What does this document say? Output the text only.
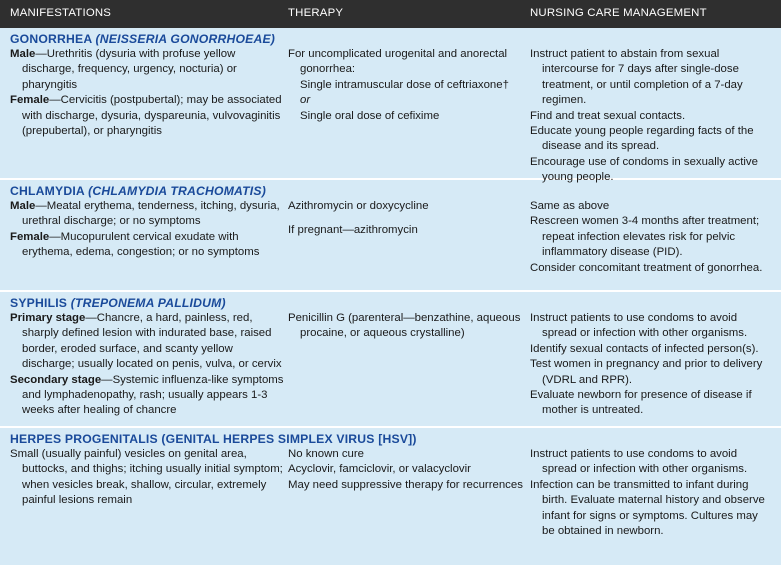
MANIFESTATIONS	THERAPY	NURSING CARE MANAGEMENT
GONORRHEA (NEISSERIA GONORRHOEAE)
Male—Urethritis (dysuria with profuse yellow discharge, frequency, urgency, nocturia) or pharyngitis
Female—Cervicitis (postpubertal); may be associated with discharge, dysuria, dyspareunia, vulvovaginitis (prepubertal), or pharyngitis
For uncomplicated urogenital and anorectal gonorrhea:
Single intramuscular dose of ceftriaxone†
or
Single oral dose of cefixime
Instruct patient to abstain from sexual intercourse for 7 days after single-dose treatment, or until completion of a 7-day regimen.
Find and treat sexual contacts.
Educate young people regarding facts of the disease and its spread.
Encourage use of condoms in sexually active young people.
CHLAMYDIA (CHLAMYDIA TRACHOMATIS)
Male—Meatal erythema, tenderness, itching, dysuria, urethral discharge; or no symptoms
Female—Mucopurulent cervical exudate with erythema, edema, congestion; or no symptoms
Azithromycin or doxycycline
If pregnant—azithromycin
Same as above
Rescreen women 3-4 months after treatment; repeat infection elevates risk for pelvic inflammatory disease (PID).
Consider concomitant treatment of gonorrhea.
SYPHILIS (TREPONEMA PALLIDUM)
Primary stage—Chancre, a hard, painless, red, sharply defined lesion with indurated base, raised border, eroded surface, and scanty yellow discharge; usually located on penis, vulva, or cervix
Secondary stage—Systemic influenza-like symptoms and lymphadenopathy, rash; usually appears 1-3 weeks after healing of chancre
Penicillin G (parenteral—benzathine, aqueous procaine, or aqueous crystalline)
Instruct patients to use condoms to avoid spread or infection with other organisms.
Identify sexual contacts of infected person(s).
Test women in pregnancy and prior to delivery (VDRL and RPR).
Evaluate newborn for presence of disease if mother is untreated.
HERPES PROGENITALIS (GENITAL HERPES SIMPLEX VIRUS [HSV])
Small (usually painful) vesicles on genital area, buttocks, and thighs; itching usually initial symptom; when vesicles break, shallow, circular, extremely painful lesions remain
No known cure
Acyclovir, famciclovir, or valacyclovir
May need suppressive therapy for recurrences
Instruct patients to use condoms to avoid spread or infection with other organisms.
Infection can be transmitted to infant during birth. Evaluate maternal history and observe infant for signs or symptoms. Cultures may be obtained in newborn.
